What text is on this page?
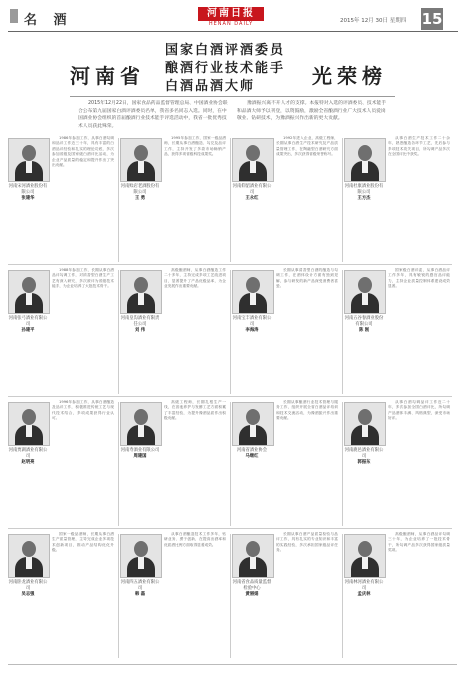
名 酒	河南日报
HENAN DAILY	2015年 12月 30日 星期四 15
河南省
国家白酒评酒委员
酿酒行业技术能手
白酒品酒大师	光荣榜

2015年12月22日，国家食品药品监督管理总局、中国酒业协会联合公布第九届国家白酒评酒委员名单，我省多名同志入选。同时，在中国酒业协会组织的首届酿酒行业技术能手评选活动中，我省一批优秀技术人员获此殊荣。

豫酒振兴离不开人才的支撑。本报特对入选的评酒委员、技术能手和品酒大师予以刊登，以资鼓励，激励全省酿酒行业广大技术人员爱岗敬业、钻研技术，为豫酒振兴作出新的更大贡献。

河南宋河酒业股份有限公司
张建华
1986年参加工作，从事白酒勾调和品评工作近三十年，具有丰富的白酒品评经验和扎实的理论功底，多次参加省级及国家级白酒评比活动，为企业产品质量的稳定和提升作出了突出贡献。
河南赊店老酒股份有限公司
王 勇
1995年参加工作，国家一级品酒师，长期从事白酒酿造、勾兑及品评工作，主持开发了多款市场畅销产品，获得多项省级科技成果奖。
河南仰韶酒业有限公司
王永红
1992年进入企业，高级工程师，长期从事白酒生产技术研究及产品质量管理工作，在陶融型白酒研究方面成果突出，多次获得省级荣誉称号。
河南杜康酒业股份有限公司
王方杰
从事白酒生产技术工作二十余年，熟悉酿造各环节工艺，先后参与多项技术攻关项目，所勾调产品多次在全国评比中获奖。
河南张弓酒业有限公司
孙建平
1988年参加工作，长期从事白酒品评勾调工作，对浓香型白酒生产工艺有深入研究，多次被评为省级技术能手，为企业培养了大批技术骨干。
河南皇沟酒业有限责任公司
刘 伟
高级酿酒师，从事白酒酿造工作二十多年，主持完成多项工艺改进项目，显著提升了产品优级品率，为企业发展作出重要贡献。
河南宝丰酒业有限公司
李海涛
长期从事清香型白酒的酿造与勾调工作，在酒体设计方面有独到见解，参与研发的新产品深受消费者喜爱。
河南五谷春酒业股份有限公司
陈 刚
国家级白酒评委，从事白酒品评工作多年，具有敏锐的感官品评能力，主持企业质量控制体系建设成效显著。
河南贾湖酒业有限公司
赵明亮
1996年参加工作，从事白酒酿造及品评工作，积极推进传统工艺与现代技术结合，多项成果获得行业认可。
河南寿酒业有限公司
周建国
高级工程师，长期扎根生产一线，在窖池养护与发酵工艺方面积累了丰富经验，为提升豫酒品质作出积极贡献。
河南省酒业协会
马继红
长期从事酿酒行业技术管理与服务工作，组织开展全省白酒品评培训和技术交流活动，为豫酒振兴作出重要贡献。
河南鹿邑酒业有限公司
郭振东
从事白酒勾调品评工作近二十年，多次参加全国白酒评比，所勾调产品酒体丰满、风格典型，深受市场好评。
河南卧龙酒业有限公司
吴志强
国家一级品酒师，长期从事白酒生产质量管理，主导完成企业多项技术创新项目，推动产品结构优化升级。
河南四五酒业有限公司
韩 磊
从事白酒酿造技术工作多年，钻研业务、勇于创新，在提高出酒率和优质酒比例方面取得显著成效。
河南省食品质量监督检验中心
黄丽娟
长期从事白酒产品质量检验与品评工作，具有扎实的专业知识和丰富的实践经验，多次承担国家级品评任务。
河南林河酒业有限公司
孟庆林
高级酿酒师，从事白酒品评勾调三十年，为企业培养了一批技术骨干，所勾调产品多次获得国家级质量奖项。
